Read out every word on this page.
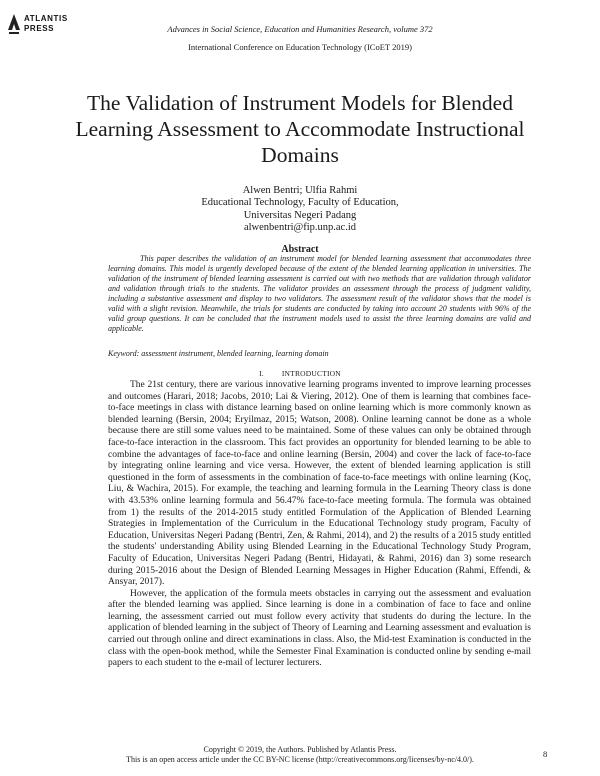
ATLANTIS
PRESS	Advances in Social Science, Education and Humanities Research, volume 372
International Conference on Education Technology (ICoET 2019)
The Validation of Instrument Models for Blended Learning Assessment to Accommodate Instructional Domains
Alwen Bentri; Ulfia Rahmi
Educational Technology, Faculty of Education,
Universitas Negeri Padang
alwenbentri@fip.unp.ac.id
Abstract
This paper describes the validation of an instrument model for blended learning assessment that accommodates three learning domains. This model is urgently developed because of the extent of the blended learning application in universities. The validation of the instrument of blended learning assessment is carried out with two methods that are validation through validator and validation through trials to the students. The validator provides an assessment through the process of judgment validity, including a substantive assessment and display to two validators. The assessment result of the validator shows that the model is valid with a slight revision. Meanwhile, the trials for students are conducted by taking into account 20 students with 96% of the valid group questions. It can be concluded that the instrument models used to assist the three learning domains are valid and applicable.
Keyword: assessment instrument, blended learning, learning domain
I. INTRODUCTION

The 21st century, there are various innovative learning programs invented to improve learning processes and outcomes (Harari, 2018; Jacobs, 2010; Lai & Viering, 2012). One of them is learning that combines face-to-face meetings in class with distance learning based on online learning which is more commonly known as blended learning (Bersin, 2004; Eryilmaz, 2015; Watson, 2008). Online learning cannot be done as a whole because there are still some values need to be maintained. Some of these values can only be obtained through face-to-face interaction in the classroom. This fact provides an opportunity for blended learning to be able to combine the advantages of face-to-face and online learning (Bersin, 2004) and cover the lack of face-to-face by integrating online learning and vice versa. However, the extent of blended learning application is still questioned in the form of assessments in the combination of face-to-face meetings with online learning (Koç, Liu, & Wachira, 2015). For example, the teaching and learning formula in the Learning Theory class is done with 43.53% online learning formula and 56.47% face-to-face meeting formula. The formula was obtained from 1) the results of the 2014-2015 study entitled Formulation of the Application of Blended Learning Strategies in Implementation of the Curriculum in the Educational Technology study program, Faculty of Education, Universitas Negeri Padang (Bentri, Zen, & Rahmi, 2014), and 2) the results of a 2015 study entitled the students' understanding Ability using Blended Learning in the Educational Technology Study Program, Faculty of Education, Universitas Negeri Padang (Bentri, Hidayati, & Rahmi, 2016) dan 3) some research during 2015-2016 about the Design of Blended Learning Messages in Higher Education (Rahmi, Effendi, & Ansyar, 2017).

However, the application of the formula meets obstacles in carrying out the assessment and evaluation after the blended learning was applied. Since learning is done in a combination of face to face and online learning, the assessment carried out must follow every activity that students do during the lecture. In the application of blended learning in the subject of Theory of Learning and Learning assessment and evaluation is carried out through online and direct examinations in class. Also, the Mid-test Examination is conducted in the class with the open-book method, while the Semester Final Examination is conducted online by sending e-mail papers to each student to the e-mail of lecturer lecturers.

Copyright © 2019, the Authors. Published by Atlantis Press.
This is an open access article under the CC BY-NC license (http://creativecommons.org/licenses/by-nc/4.0/).
8
